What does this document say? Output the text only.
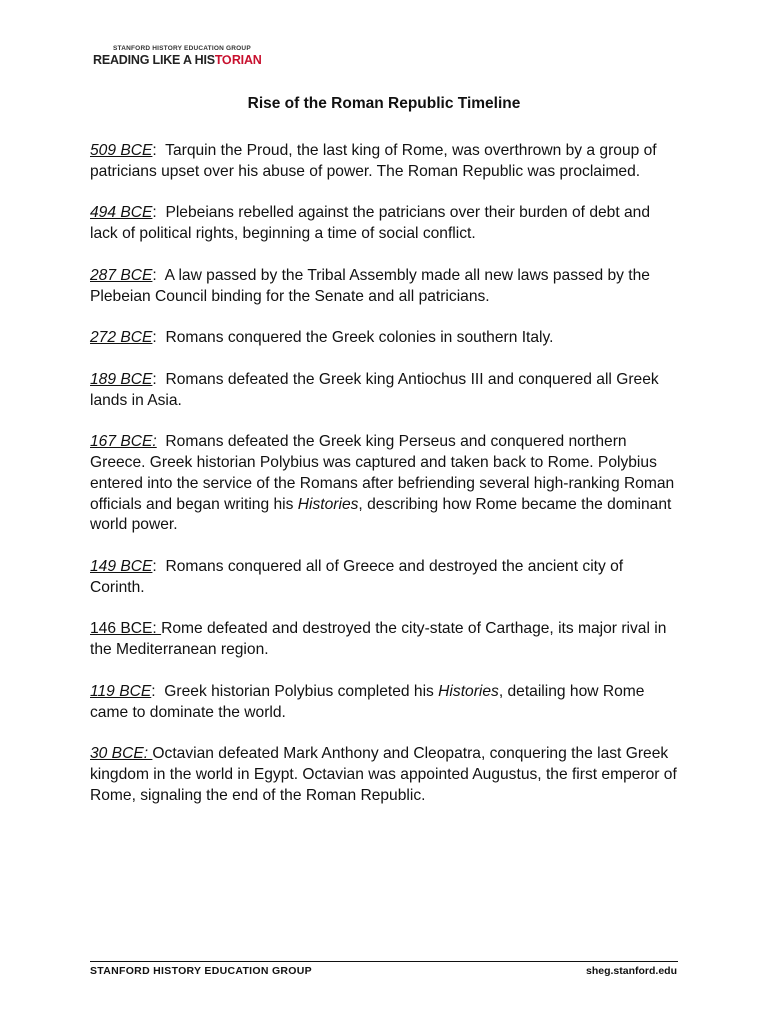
STANFORD HISTORY EDUCATION GROUP
READING LIKE A HISTORIAN
Rise of the Roman Republic Timeline

509 BCE: Tarquin the Proud, the last king of Rome, was overthrown by a group of patricians upset over his abuse of power. The Roman Republic was proclaimed.

494 BCE: Plebeians rebelled against the patricians over their burden of debt and lack of political rights, beginning a time of social conflict.

287 BCE: A law passed by the Tribal Assembly made all new laws passed by the Plebeian Council binding for the Senate and all patricians.

272 BCE: Romans conquered the Greek colonies in southern Italy.

189 BCE: Romans defeated the Greek king Antiochus III and conquered all Greek lands in Asia.

167 BCE: Romans defeated the Greek king Perseus and conquered northern Greece. Greek historian Polybius was captured and taken back to Rome. Polybius entered into the service of the Romans after befriending several high-ranking Roman officials and began writing his Histories, describing how Rome became the dominant world power.

149 BCE: Romans conquered all of Greece and destroyed the ancient city of Corinth.

146 BCE: Rome defeated and destroyed the city-state of Carthage, its major rival in the Mediterranean region.

119 BCE: Greek historian Polybius completed his Histories, detailing how Rome came to dominate the world.

30 BCE: Octavian defeated Mark Anthony and Cleopatra, conquering the last Greek kingdom in the world in Egypt. Octavian was appointed Augustus, the first emperor of Rome, signaling the end of the Roman Republic.

STANFORD HISTORY EDUCATION GROUP	sheg.stanford.edu
